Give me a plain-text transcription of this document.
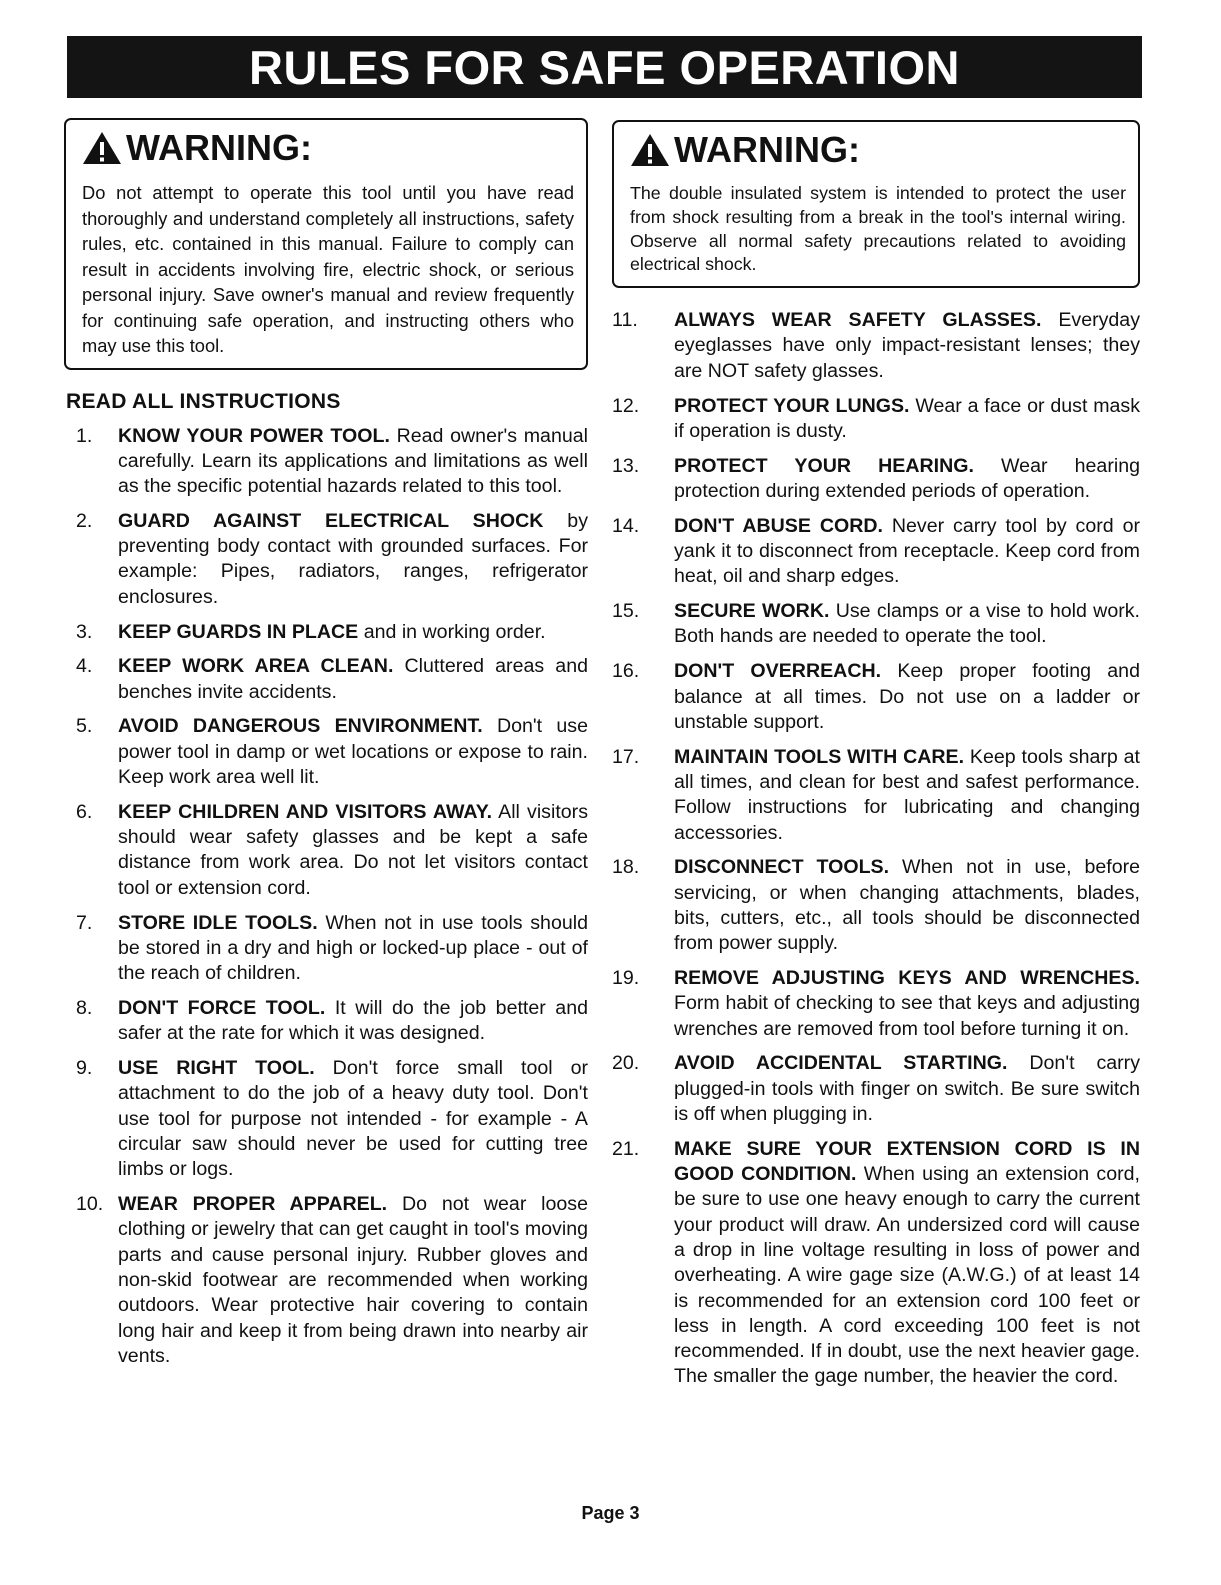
RULES FOR SAFE OPERATION
WARNING:
Do not attempt to operate this tool until you have read thoroughly and understand completely all instructions, safety rules, etc. contained in this manual. Failure to comply can result in accidents involving fire, electric shock, or serious personal injury. Save owner's manual and review frequently for continuing safe operation, and instructing others who may use this tool.
READ ALL INSTRUCTIONS
1.	KNOW YOUR POWER TOOL. Read owner's manual carefully. Learn its applications and limitations as well as the specific potential hazards related to this tool.
2.	GUARD AGAINST ELECTRICAL SHOCK by preventing body contact with grounded surfaces. For example: Pipes, radiators, ranges, refrigerator enclosures.
3.	KEEP GUARDS IN PLACE and in working order.
4.	KEEP WORK AREA CLEAN. Cluttered areas and benches invite accidents.
5.	AVOID DANGEROUS ENVIRONMENT. Don't use power tool in damp or wet locations or expose to rain. Keep work area well lit.
6.	KEEP CHILDREN AND VISITORS AWAY. All visitors should wear safety glasses and be kept a safe distance from work area. Do not let visitors contact tool or extension cord.
7.	STORE IDLE TOOLS. When not in use tools should be stored in a dry and high or locked-up place - out of the reach of children.
8.	DON'T FORCE TOOL. It will do the job better and safer at the rate for which it was designed.
9.	USE RIGHT TOOL. Don't force small tool or attachment to do the job of a heavy duty tool. Don't use tool for purpose not intended - for example - A circular saw should never be used for cutting tree limbs or logs.
10. WEAR PROPER APPAREL. Do not wear loose clothing or jewelry that can get caught in tool's moving parts and cause personal injury. Rubber gloves and non-skid footwear are recommended when working outdoors. Wear protective hair covering to contain long hair and keep it from being drawn into nearby air vents.
WARNING:
The double insulated system is intended to protect the user from shock resulting from a break in the tool's internal wiring. Observe all normal safety precautions related to avoiding electrical shock.
11.	ALWAYS WEAR SAFETY GLASSES. Everyday eyeglasses have only impact-resistant lenses; they are NOT safety glasses.
12.	PROTECT YOUR LUNGS. Wear a face or dust mask if operation is dusty.
13.	PROTECT YOUR HEARING. Wear hearing protection during extended periods of operation.
14.	DON'T ABUSE CORD. Never carry tool by cord or yank it to disconnect from receptacle. Keep cord from heat, oil and sharp edges.
15.	SECURE WORK. Use clamps or a vise to hold work. Both hands are needed to operate the tool.
16.	DON'T OVERREACH. Keep proper footing and balance at all times. Do not use on a ladder or unstable support.
17.	MAINTAIN TOOLS WITH CARE. Keep tools sharp at all times, and clean for best and safest performance. Follow instructions for lubricating and changing accessories.
18.	DISCONNECT TOOLS. When not in use, before servicing, or when changing attachments, blades, bits, cutters, etc., all tools should be disconnected from power supply.
19.	REMOVE ADJUSTING KEYS AND WRENCHES. Form habit of checking to see that keys and adjusting wrenches are removed from tool before turning it on.
20.	AVOID ACCIDENTAL STARTING. Don't carry plugged-in tools with finger on switch. Be sure switch is off when plugging in.
21.	MAKE SURE YOUR EXTENSION CORD IS IN GOOD CONDITION. When using an extension cord, be sure to use one heavy enough to carry the current your product will draw. An undersized cord will cause a drop in line voltage resulting in loss of power and overheating. A wire gage size (A.W.G.) of at least 14 is recommended for an extension cord 100 feet or less in length. A cord exceeding 100 feet is not recommended. If in doubt, use the next heavier gage. The smaller the gage number, the heavier the cord.
Page 3
